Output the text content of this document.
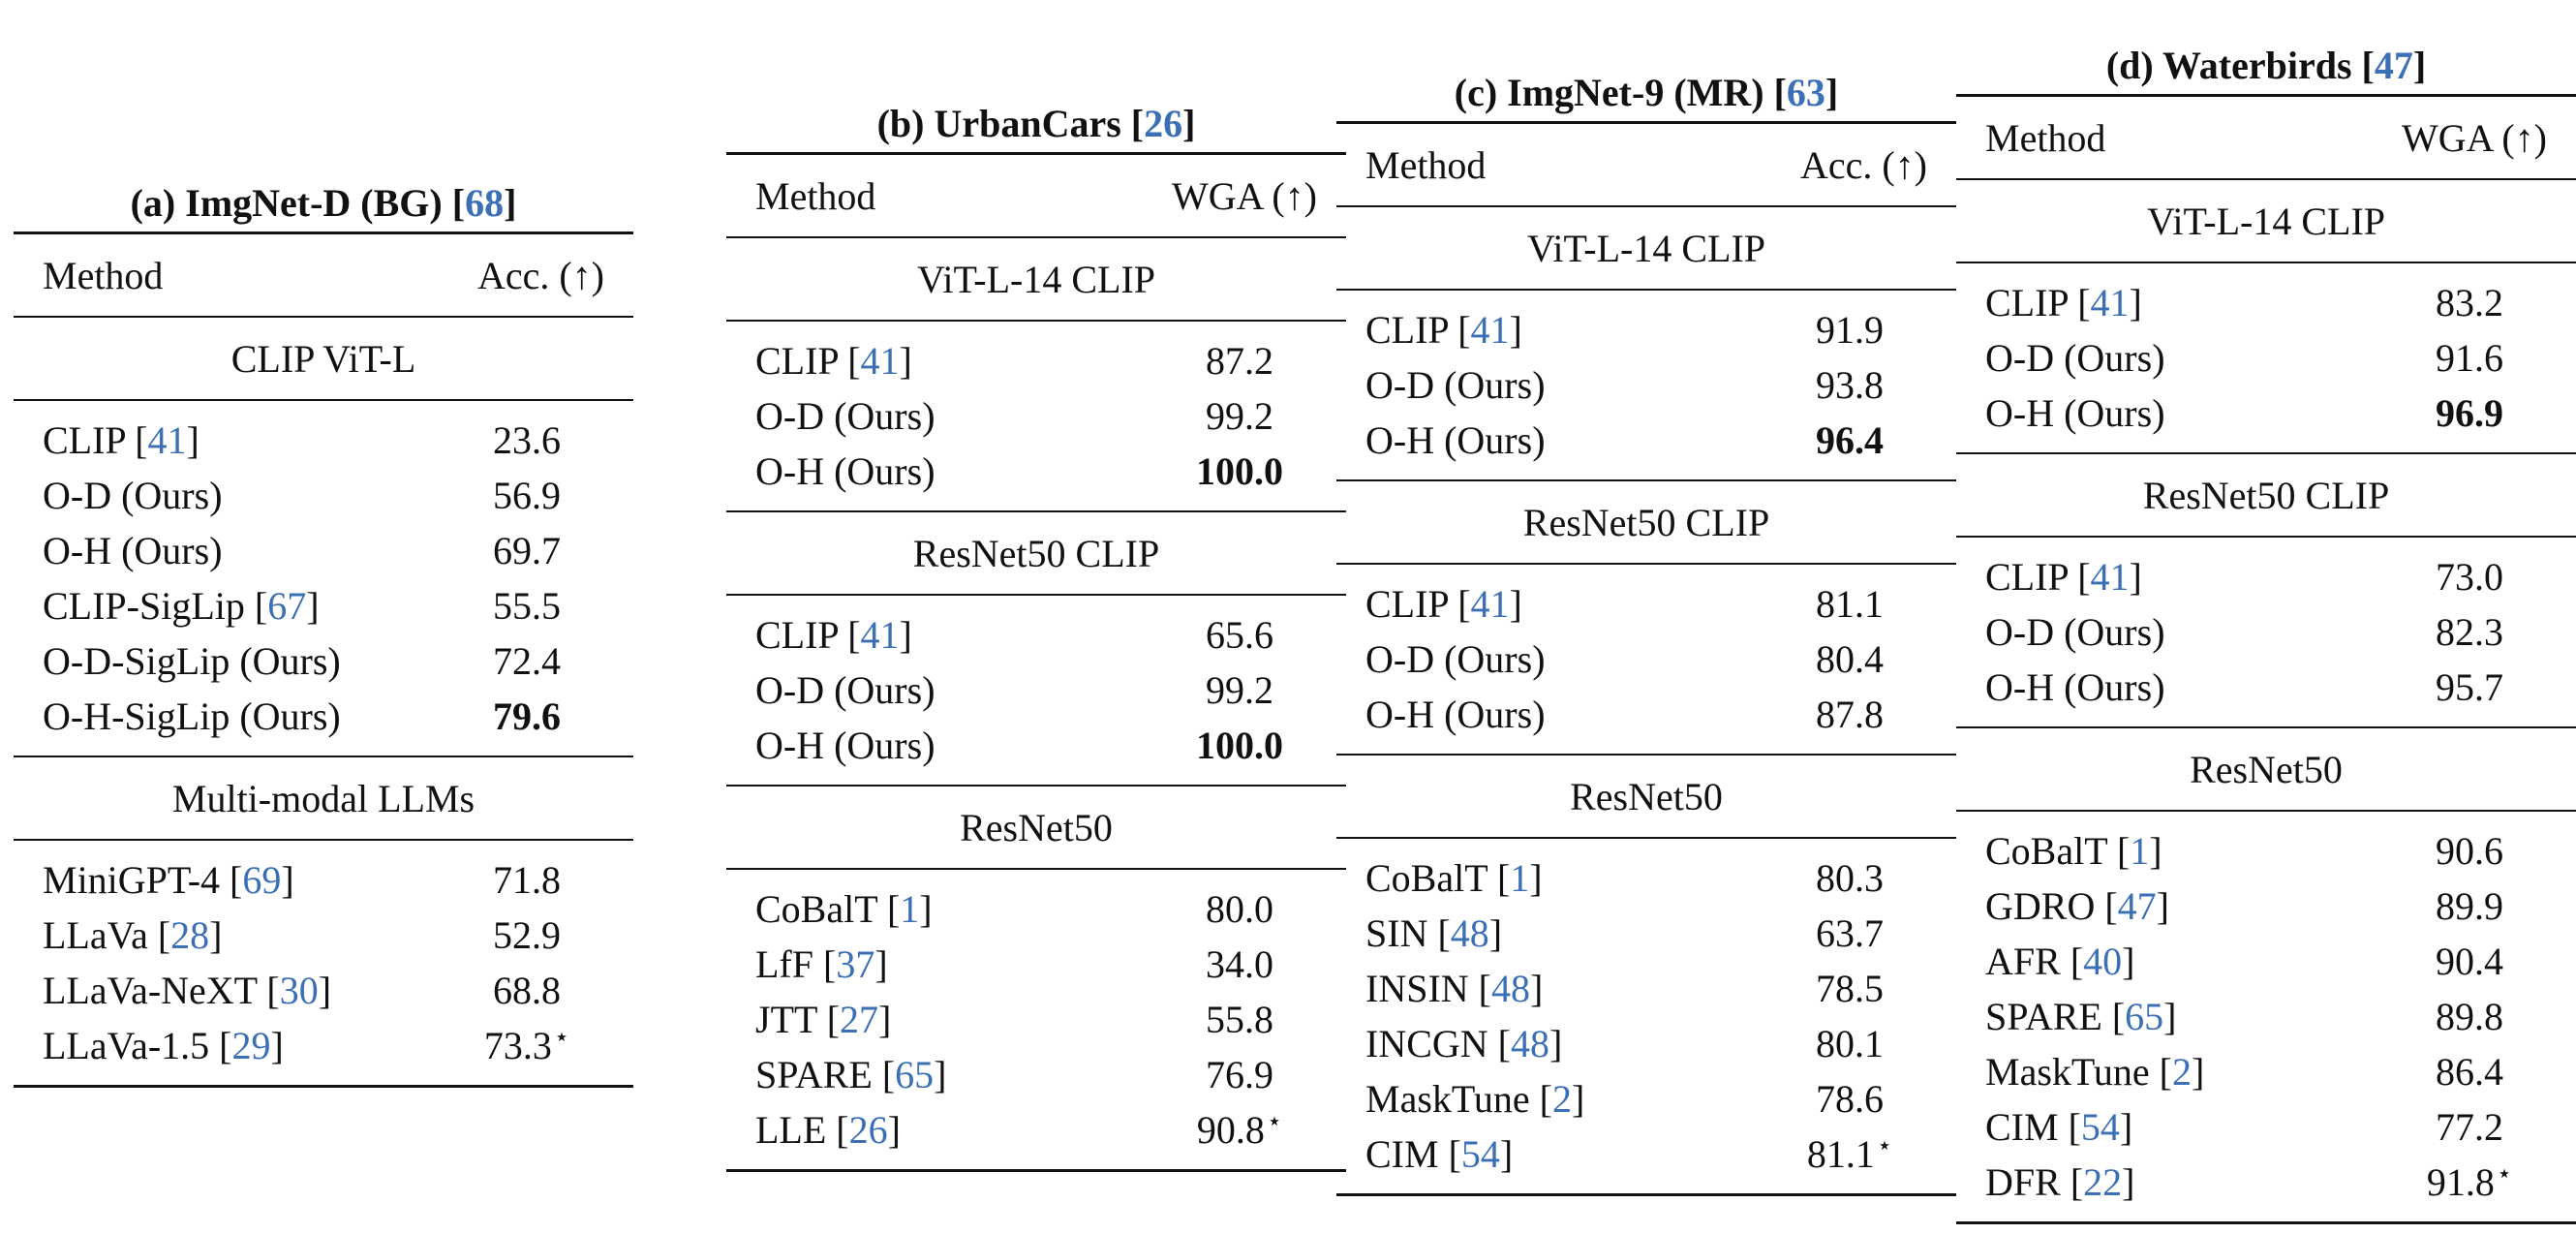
(a) ImgNet-D (BG) [68]
Method	Acc. (↑)
CLIP ViT-L
CLIP [41]	23.6
O-D (Ours)	56.9
O-H (Ours)	69.7
CLIP-SigLip [67]	55.5
O-D-SigLip (Ours)	72.4
O-H-SigLip (Ours)	79.6
Multi-modal LLMs
MiniGPT-4 [69]	71.8
LLaVa [28]	52.9
LLaVa-NeXT [30]	68.8
LLaVa-1.5 [29]	73.3⋆
(b) UrbanCars [26]
Method	WGA (↑)
ViT-L-14 CLIP
CLIP [41]	87.2
O-D (Ours)	99.2
O-H (Ours)	100.0
ResNet50 CLIP
CLIP [41]	65.6
O-D (Ours)	99.2
O-H (Ours)	100.0
ResNet50
CoBalT [1]	80.0
LfF [37]	34.0
JTT [27]	55.8
SPARE [65]	76.9
LLE [26]	90.8⋆
(c) ImgNet-9 (MR) [63]
Method	Acc. (↑)
ViT-L-14 CLIP
CLIP [41]	91.9
O-D (Ours)	93.8
O-H (Ours)	96.4
ResNet50 CLIP
CLIP [41]	81.1
O-D (Ours)	80.4
O-H (Ours)	87.8
ResNet50
CoBalT [1]	80.3
SIN [48]	63.7
INSIN [48]	78.5
INCGN [48]	80.1
MaskTune [2]	78.6
CIM [54]	81.1⋆
(d) Waterbirds [47]
Method	WGA (↑)
ViT-L-14 CLIP
CLIP [41]	83.2
O-D (Ours)	91.6
O-H (Ours)	96.9
ResNet50 CLIP
CLIP [41]	73.0
O-D (Ours)	82.3
O-H (Ours)	95.7
ResNet50
CoBalT [1]	90.6
GDRO [47]	89.9
AFR [40]	90.4
SPARE [65]	89.8
MaskTune [2]	86.4
CIM [54]	77.2
DFR [22]	91.8⋆
